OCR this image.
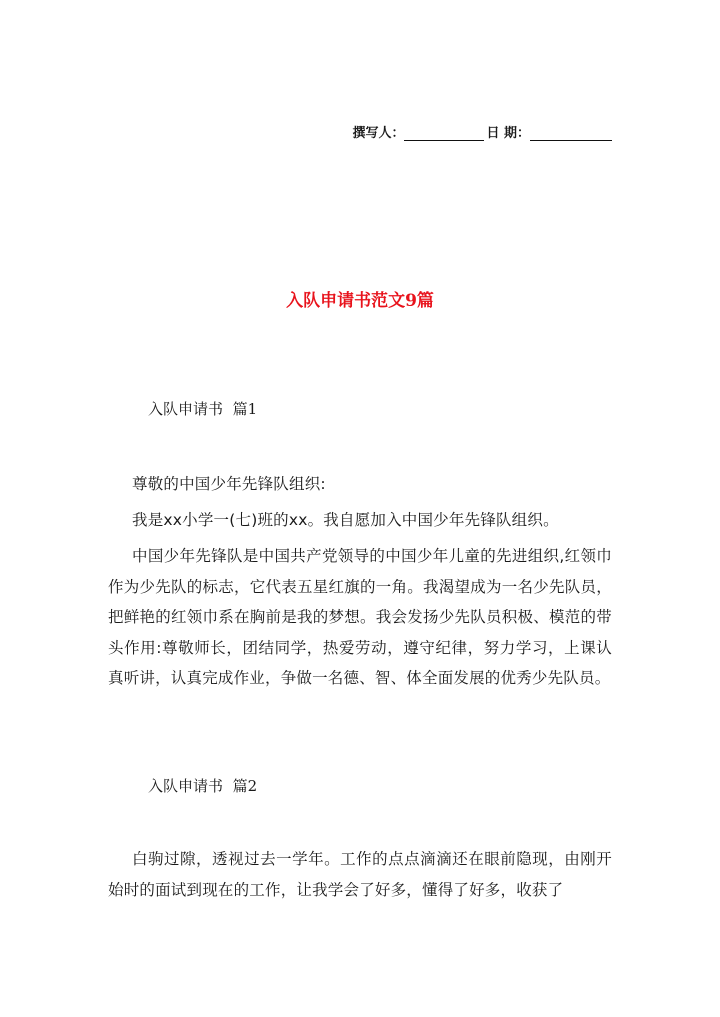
撰写人：	日 期：
入队申请书范文9篇
入队申请书 篇1
尊敬的中国少年先锋队组织:
我是xx小学一(七)班的xx。我自愿加入中国少年先锋队组织。
中国少年先锋队是中国共产党领导的中国少年儿童的先进组织,红领巾作为少先队的标志，它代表五星红旗的一角。我渴望成为一名少先队员，把鲜艳的红领巾系在胸前是我的梦想。我会发扬少先队员积极、模范的带头作用:尊敬师长，团结同学，热爱劳动，遵守纪律，努力学习，上课认真听讲，认真完成作业，争做一名德、智、体全面发展的优秀少先队员。
入队申请书 篇2
白驹过隙，透视过去一学年。工作的点点滴滴还在眼前隐现，由刚开始时的面试到现在的工作，让我学会了好多，懂得了好多，收获了
